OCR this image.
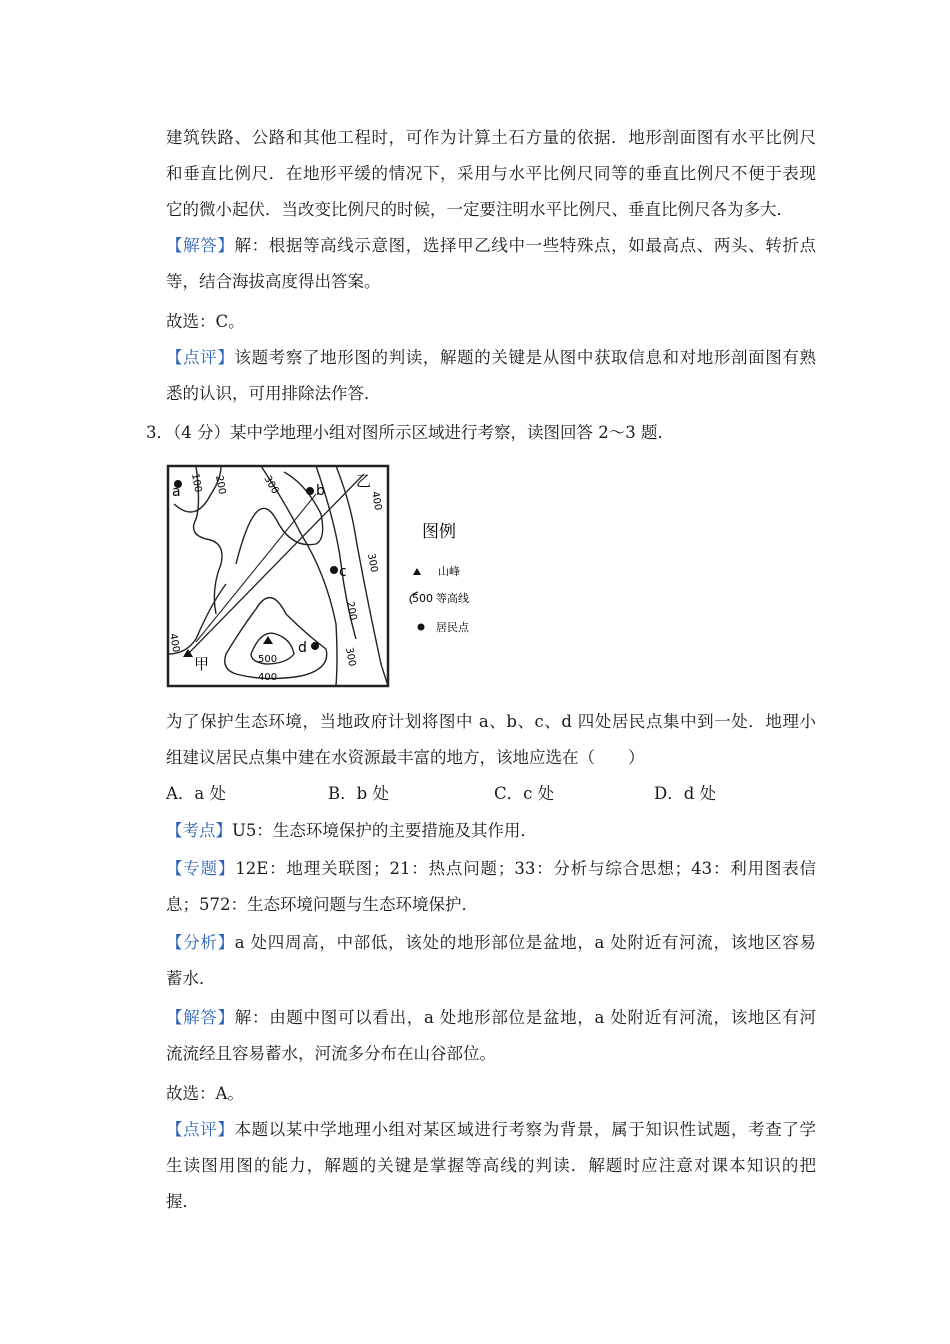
建筑铁路、公路和其他工程时，可作为计算土石方量的依据．地形剖面图有水平比例尺
和垂直比例尺．在地形平缓的情况下，采用与水平比例尺同等的垂直比例尺不便于表现
它的微小起伏．当改变比例尺的时候，一定要注明水平比例尺、垂直比例尺各为多大．
【解答】解：根据等高线示意图，选择甲乙线中一些特殊点，如最高点、两头、转折点
等，结合海拔高度得出答案。
故选：C。
【点评】该题考察了地形图的判读，解题的关键是从图中获取信息和对地形剖面图有熟
悉的认识，可用排除法作答．
3．（4 分）某中学地理小组对图所示区域进行考察，读图回答 2～3 题．
a	b
c
d
甲
乙
100 200	300
300
400
200
400
500
400
300
图例
山峰
500 等高线
居民点
为了保护生态环境，当地政府计划将图中 a、b、c、d 四处居民点集中到一处．地理小
组建议居民点集中建在水资源最丰富的地方，该地应选在（　　）
A．a 处	B．b 处	C．c 处	D．d 处
【考点】U5：生态环境保护的主要措施及其作用．
【专题】12E：地理关联图；21：热点问题；33：分析与综合思想；43：利用图表信
息；572：生态环境问题与生态环境保护．
【分析】a 处四周高，中部低，该处的地形部位是盆地，a 处附近有河流，该地区容易
蓄水．
【解答】解：由题中图可以看出，a 处地形部位是盆地，a 处附近有河流，该地区有河
流流经且容易蓄水，河流多分布在山谷部位。
故选：A。
【点评】本题以某中学地理小组对某区域进行考察为背景，属于知识性试题，考查了学
生读图用图的能力，解题的关键是掌握等高线的判读．解题时应注意对课本知识的把
握．
